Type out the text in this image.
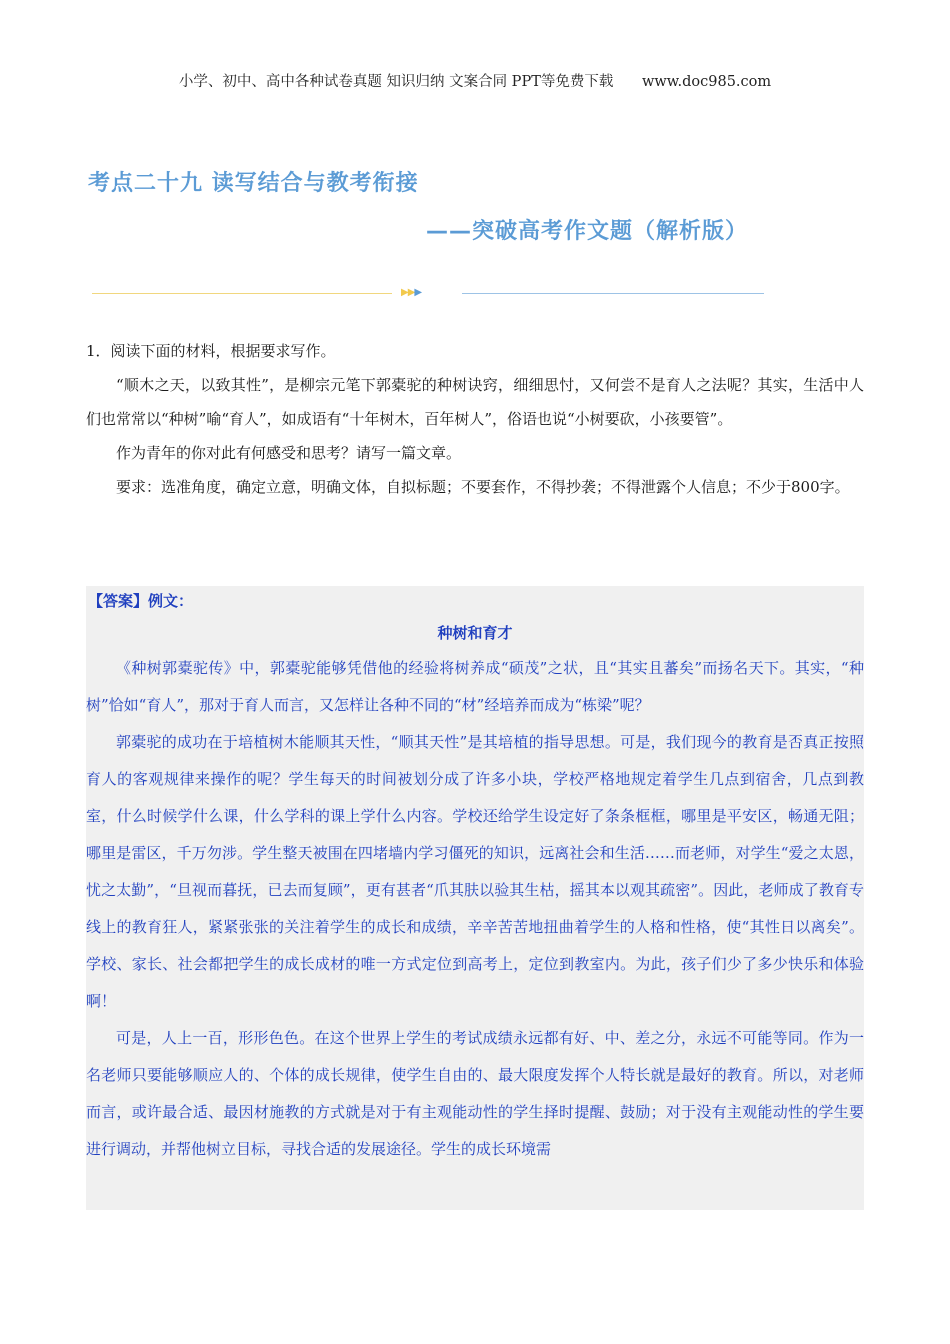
小学、初中、高中各种试卷真题 知识归纳 文案合同 PPT等免费下载 www.doc985.com
考点二十九 读写结合与教考衔接
——突破高考作文题（解析版）
▶▶▶

1．阅读下面的材料，根据要求写作。

“顺木之天，以致其性”，是柳宗元笔下郭橐驼的种树诀窍，细细思忖，又何尝不是育人之法呢？其实，生活中人们也常常以“种树”喻“育人”，如成语有“十年树木，百年树人”，俗语也说“小树要砍，小孩要管”。

作为青年的你对此有何感受和思考？请写一篇文章。

要求：选准角度，确定立意，明确文体，自拟标题；不要套作，不得抄袭；不得泄露个人信息；不少于800字。

【答案】例文：

种树和育才

《种树郭橐驼传》中，郭橐驼能够凭借他的经验将树养成“硕茂”之状，且“其实且蕃矣”而扬名天下。其实，“种树”恰如“育人”，那对于育人而言，又怎样让各种不同的“材”经培养而成为“栋梁”呢？

郭橐驼的成功在于培植树木能顺其天性，“顺其天性”是其培植的指导思想。可是，我们现今的教育是否真正按照育人的客观规律来操作的呢？学生每天的时间被划分成了许多小块，学校严格地规定着学生几点到宿舍，几点到教室，什么时候学什么课，什么学科的课上学什么内容。学校还给学生设定好了条条框框，哪里是平安区，畅通无阻；哪里是雷区，千万勿涉。学生整天被围在四堵墙内学习僵死的知识，远离社会和生活……而老师，对学生“爱之太恩，忧之太勤”，“旦视而暮抚，已去而复顾”，更有甚者“爪其肤以验其生枯，摇其本以观其疏密”。因此，老师成了教育专线上的教育狂人，紧紧张张的关注着学生的成长和成绩，辛辛苦苦地扭曲着学生的人格和性格，使“其性日以离矣”。学校、家长、社会都把学生的成长成材的唯一方式定位到高考上，定位到教室内。为此，孩子们少了多少快乐和体验啊！

可是，人上一百，形形色色。在这个世界上学生的考试成绩永远都有好、中、差之分，永远不可能等同。作为一名老师只要能够顺应人的、个体的成长规律，使学生自由的、最大限度发挥个人特长就是最好的教育。所以，对老师而言，或许最合适、最因材施教的方式就是对于有主观能动性的学生择时提醒、鼓励；对于没有主观能动性的学生要进行调动，并帮他树立目标，寻找合适的发展途径。学生的成长环境需
